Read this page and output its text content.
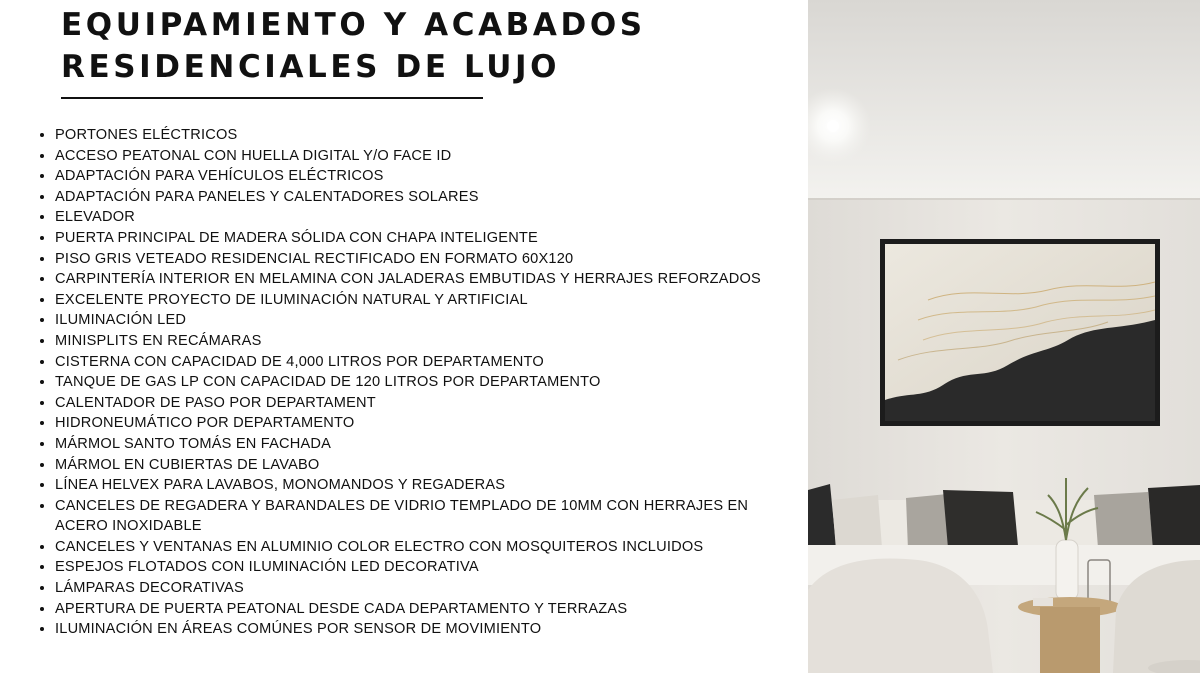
EQUIPAMIENTO Y ACABADOS
RESIDENCIALES DE LUJO
• PORTONES ELÉCTRICOS
• ACCESO PEATONAL CON HUELLA DIGITAL Y/O FACE ID
• ADAPTACIÓN PARA VEHÍCULOS ELÉCTRICOS
• ADAPTACIÓN PARA PANELES Y CALENTADORES SOLARES
• ELEVADOR
• PUERTA PRINCIPAL DE MADERA SÓLIDA CON CHAPA INTELIGENTE
• PISO GRIS VETEADO RESIDENCIAL RECTIFICADO EN FORMATO 60X120
• CARPINTERÍA INTERIOR EN MELAMINA CON JALADERAS EMBUTIDAS Y HERRAJES REFORZADOS
• EXCELENTE PROYECTO DE ILUMINACIÓN NATURAL Y ARTIFICIAL
• ILUMINACIÓN LED
• MINISPLITS EN RECÁMARAS
• CISTERNA CON CAPACIDAD DE 4,000 LITROS POR DEPARTAMENTO
• TANQUE DE GAS LP CON CAPACIDAD DE 120 LITROS POR DEPARTAMENTO
• CALENTADOR DE PASO POR DEPARTAMENT
• HIDRONEUMÁTICO POR DEPARTAMENTO
• MÁRMOL SANTO TOMÁS EN FACHADA
• MÁRMOL EN CUBIERTAS DE LAVABO
• LÍNEA HELVEX PARA LAVABOS, MONOMANDOS Y REGADERAS
• CANCELES DE REGADERA Y BARANDALES DE VIDRIO TEMPLADO DE 10MM CON HERRAJES EN ACERO INOXIDABLE
• CANCELES Y VENTANAS EN ALUMINIO COLOR ELECTRO CON MOSQUITEROS INCLUIDOS
• ESPEJOS FLOTADOS CON ILUMINACIÓN LED DECORATIVA
• LÁMPARAS DECORATIVAS
• APERTURA DE PUERTA PEATONAL DESDE CADA DEPARTAMENTO Y TERRAZAS
• ILUMINACIÓN EN ÁREAS COMÚNES POR SENSOR DE MOVIMIENTO
